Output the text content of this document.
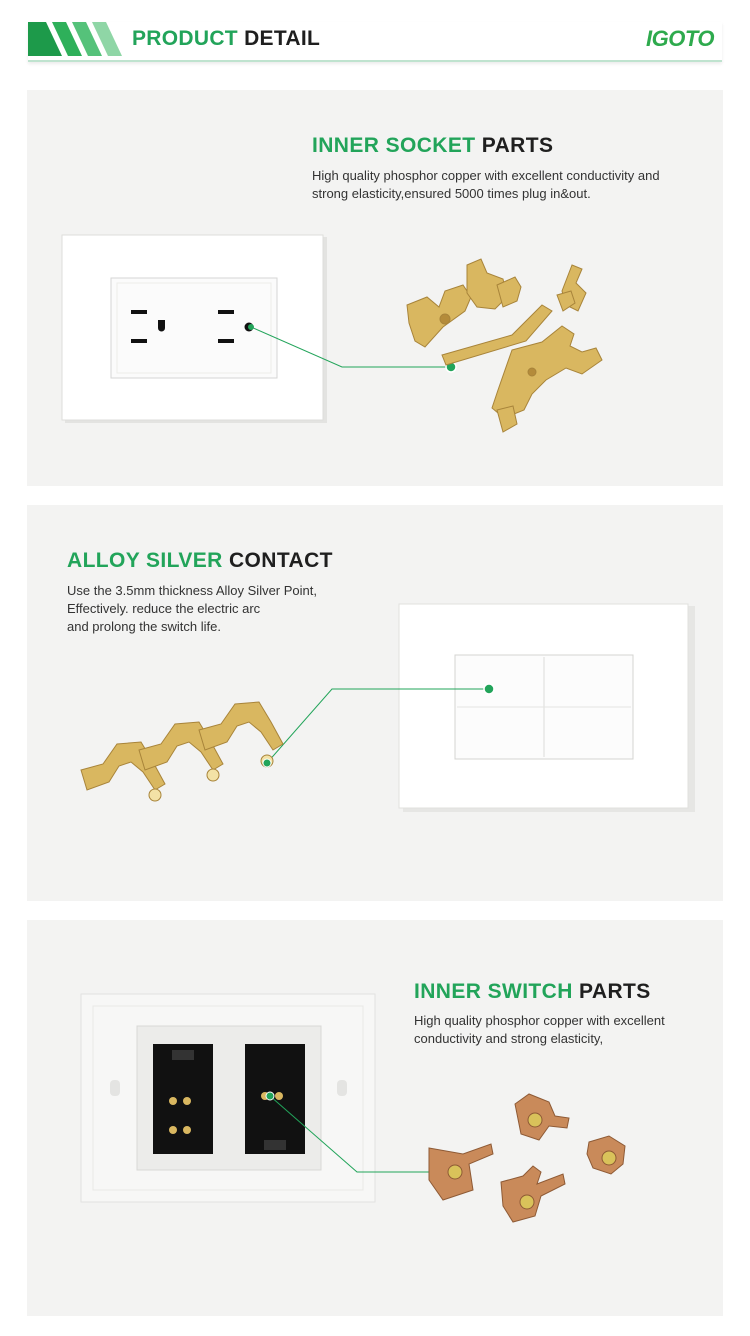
PRODUCT DETAIL	IGOTO
INNER SOCKET PARTS
High quality phosphor copper with excellent conductivity and
strong elasticity,ensured 5000 times plug in&out.
ALLOY SILVER CONTACT
Use the 3.5mm thickness Alloy Silver Point,
Effectively. reduce the electric arc
and prolong the switch life.
INNER SWITCH PARTS
High quality phosphor copper with excellent
conductivity and strong elasticity,
